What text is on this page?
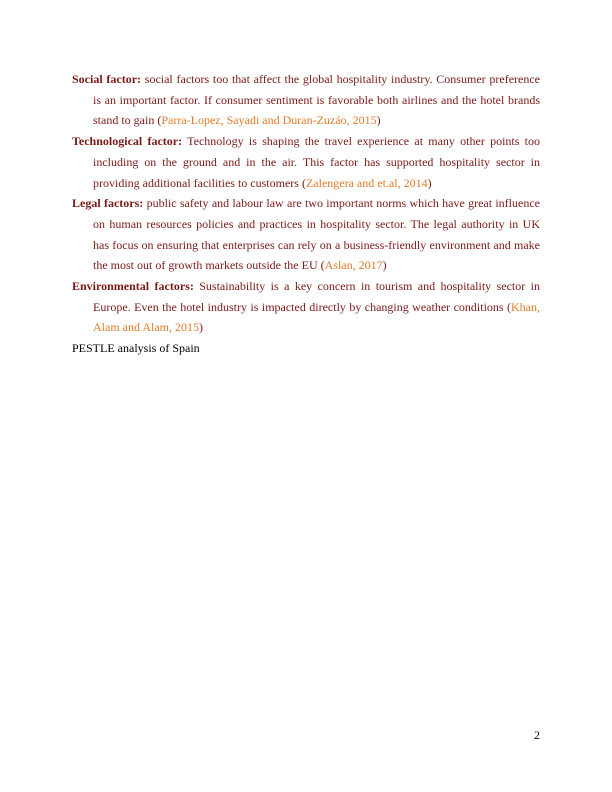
Social factor: social factors too that affect the global hospitality industry. Consumer preference is an important factor. If consumer sentiment is favorable both airlines and the hotel brands stand to gain (Parra-Lopez, Sayadi and Duran-Zuzáo, 2015)

Technological factor: Technology is shaping the travel experience at many other points too including on the ground and in the air. This factor has supported hospitality sector in providing additional facilities to customers (Zalengera and et.al, 2014)

Legal factors: public safety and labour law are two important norms which have great influence on human resources policies and practices in hospitality sector. The legal authority in UK has focus on ensuring that enterprises can rely on a business-friendly environment and make the most out of growth markets outside the EU (Aslan, 2017)

Environmental factors: Sustainability is a key concern in tourism and hospitality sector in Europe. Even the hotel industry is impacted directly by changing weather conditions (Khan, Alam and Alam, 2015)

PESTLE analysis of Spain

2
